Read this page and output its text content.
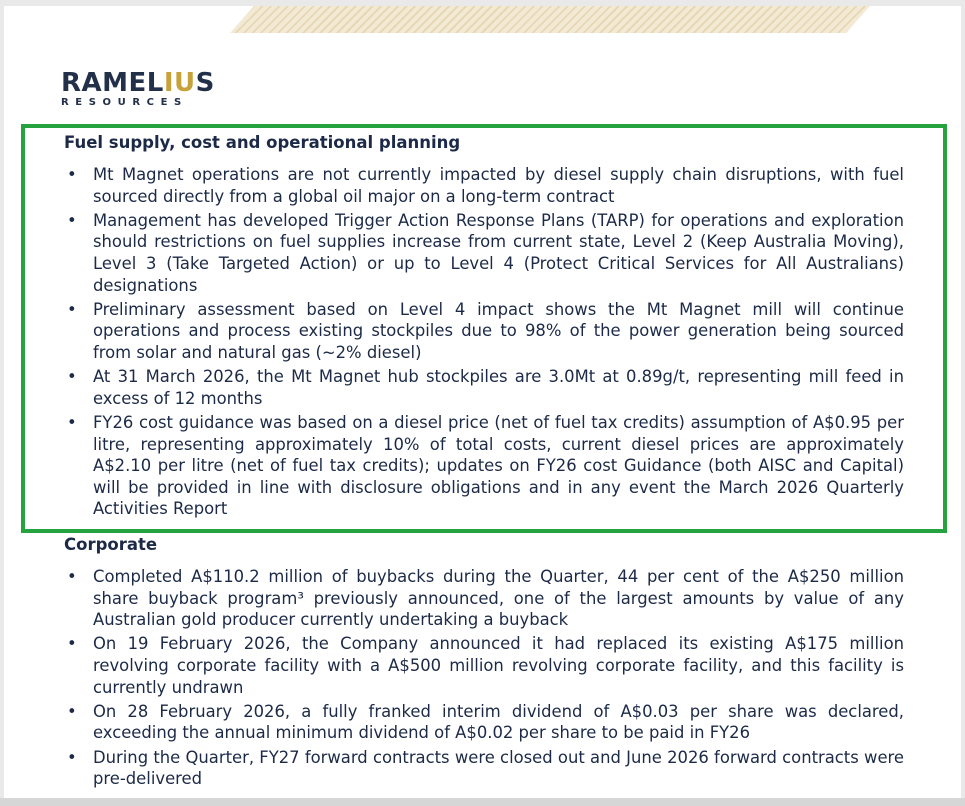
RAMELIUS
RESOURCES
Fuel supply, cost and operational planning
• Mt Magnet operations are not currently impacted by diesel supply chain disruptions, with fuel sourced directly from a global oil major on a long-term contract
• Management has developed Trigger Action Response Plans (TARP) for operations and exploration should restrictions on fuel supplies increase from current state, Level 2 (Keep Australia Moving), Level 3 (Take Targeted Action) or up to Level 4 (Protect Critical Services for All Australians) designations
• Preliminary assessment based on Level 4 impact shows the Mt Magnet mill will continue operations and process existing stockpiles due to 98% of the power generation being sourced from solar and natural gas (~2% diesel)
• At 31 March 2026, the Mt Magnet hub stockpiles are 3.0Mt at 0.89g/t, representing mill feed in excess of 12 months
• FY26 cost guidance was based on a diesel price (net of fuel tax credits) assumption of A$0.95 per litre, representing approximately 10% of total costs, current diesel prices are approximately A$2.10 per litre (net of fuel tax credits); updates on FY26 cost Guidance (both AISC and Capital) will be provided in line with disclosure obligations and in any event the March 2026 Quarterly Activities Report
Corporate
• Completed A$110.2 million of buybacks during the Quarter, 44 per cent of the A$250 million share buyback program³ previously announced, one of the largest amounts by value of any Australian gold producer currently undertaking a buyback
• On 19 February 2026, the Company announced it had replaced its existing A$175 million revolving corporate facility with a A$500 million revolving corporate facility, and this facility is currently undrawn
• On 28 February 2026, a fully franked interim dividend of A$0.03 per share was declared, exceeding the annual minimum dividend of A$0.02 per share to be paid in FY26
• During the Quarter, FY27 forward contracts were closed out and June 2026 forward contracts were pre-delivered
